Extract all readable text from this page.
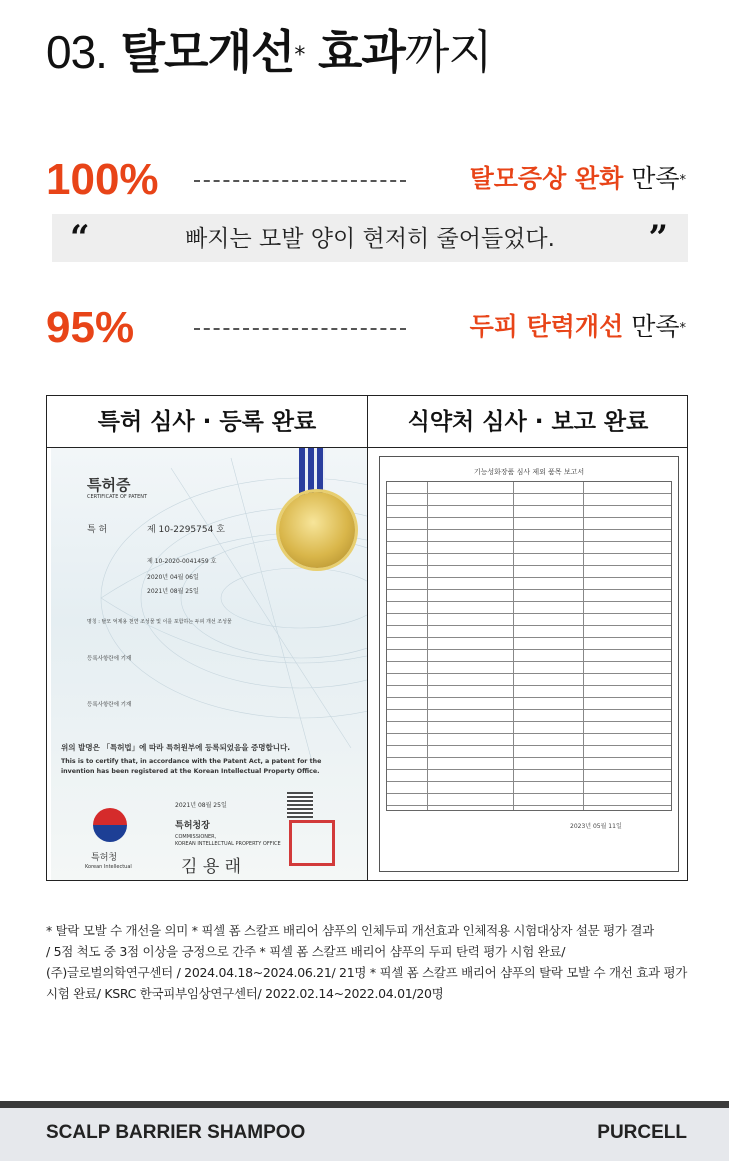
03. 탈모개선* 효과까지
100%	탈모증상 완화 만족*
“	빠지는 모발 양이 현저히 줄어들었다.	”
95%	두피 탄력개선 만족*
특허 심사 · 등록 완료	식약처 심사 · 보고 완료
특허증
CERTIFICATE OF PATENT
특 허	제 10-2295754 호
제 10-2020-0041459 호
2020년 04월 06일
2021년 08월 25일
명칭 : 탈모 억제용 천연 조성물 및 이를 포함하는 두피 개선 조성물
등록사항란에 기재
등록사항란에 기재
위의 발명은 「특허법」에 따라 특허원부에 등록되었음을 증명합니다.
This is to certify that, in accordance with the Patent Act, a patent for the
invention has been registered at the Korean Intellectual Property Office.
2021년 08월 25일
특허청장
COMMISSIONER,
KOREAN INTELLECTUAL PROPERTY OFFICE
특허청
Korean Intellectual	김 용 래
기능성화장품 심사 제외 품목 보고서
2023년 05월 11일
* 탈락 모발 수 개선을 의미 * 픽셀 폼 스칼프 배리어 샴푸의 인체두피 개선효과 인체적용 시험대상자 설문 평가 결과
/ 5점 척도 중 3점 이상을 긍정으로 간주 * 픽셀 폼 스칼프 배리어 샴푸의 두피 탄력 평가 시험 완료/
(주)글로벌의학연구센터 / 2024.04.18~2024.06.21/ 21명 * 픽셀 폼 스칼프 배리어 샴푸의 탈락 모발 수 개선 효과 평가
시험 완료/ KSRC 한국피부임상연구센터/ 2022.02.14~2022.04.01/20명
SCALP BARRIER SHAMPOO	PURCELL
